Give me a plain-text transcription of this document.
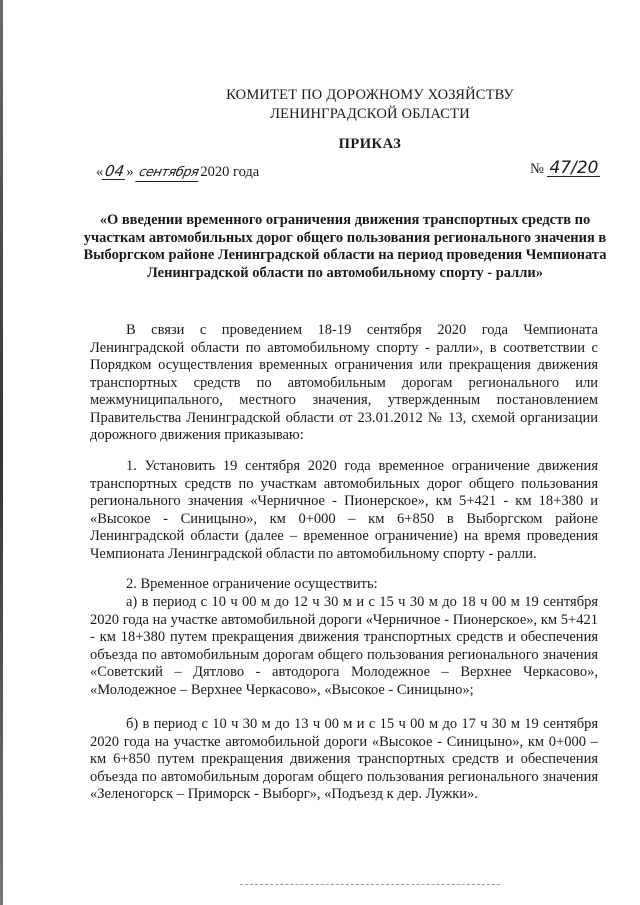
КОМИТЕТ ПО ДОРОЖНОМУ ХОЗЯЙСТВУ
ЛЕНИНГРАДСКОЙ ОБЛАСТИ
ПРИКАЗ
«04» сентября2020 года	№ 47/20
«О введении временного ограничения движения транспортных средств по участкам автомобильных дорог общего пользования регионального значения в Выборгском районе Ленинградской области на период проведения Чемпионата Ленинградской области по автомобильному спорту - ралли»
В связи с проведением 18-19 сентября 2020 года Чемпионата Ленинградской области по автомобильному спорту - ралли», в соответствии с Порядком осуществления временных ограничения или прекращения движения транспортных средств по автомобильным дорогам регионального или межмуниципального, местного значения, утвержденным постановлением Правительства Ленинградской области от 23.01.2012 № 13, схемой организации дорожного движения приказываю:
1. Установить 19 сентября 2020 года временное ограничение движения транспортных средств по участкам автомобильных дорог общего пользования регионального значения «Черничное - Пионерское», км 5+421 - км 18+380 и «Высокое - Синицыно», км 0+000 – км 6+850 в Выборгском районе Ленинградской области (далее – временное ограничение) на время проведения Чемпионата Ленинградской области по автомобильному спорту - ралли.
2. Временное ограничение осуществить:
а) в период с 10 ч 00 м до 12 ч 30 м и с 15 ч 30 м до 18 ч 00 м 19 сентября 2020 года на участке автомобильной дороги «Черничное - Пионерское», км 5+421 - км 18+380 путем прекращения движения транспортных средств и обеспечения объезда по автомобильным дорогам общего пользования регионального значения «Советский – Дятлово - автодорога Молодежное – Верхнее Черкасово», «Молодежное – Верхнее Черкасово», «Высокое - Синицыно»;
б) в период с 10 ч 30 м до 13 ч 00 м и с 15 ч 00 м до 17 ч 30 м 19 сентября 2020 года на участке автомобильной дороги «Высокое - Синицыно», км 0+000 – км 6+850 путем прекращения движения транспортных средств и обеспечения объезда по автомобильным дорогам общего пользования регионального значения «Зеленогорск – Приморск - Выборг», «Подъезд к дер. Лужки».
